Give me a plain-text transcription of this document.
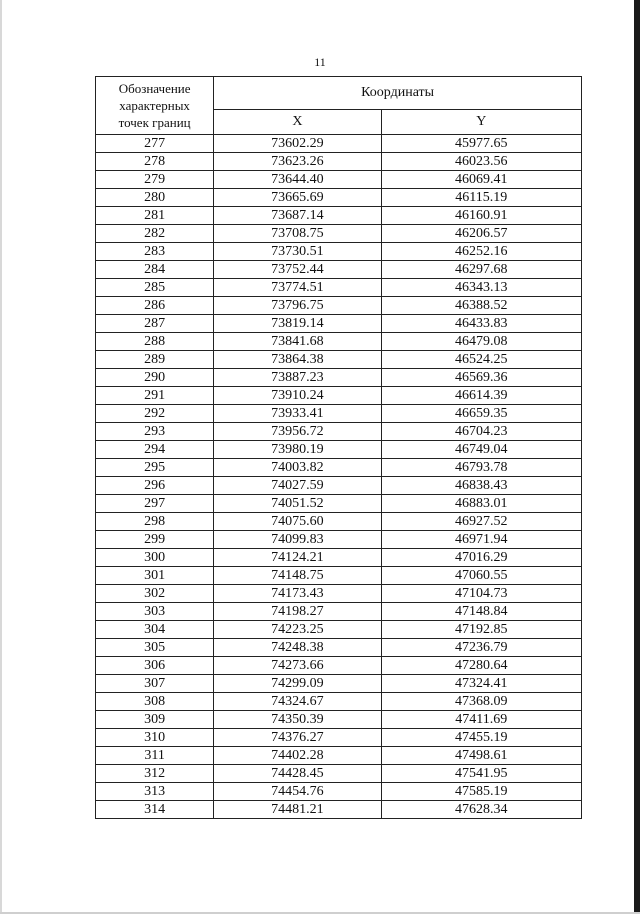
11
Обозначение
характерных
точек границ	Координаты	
	X	Y
277	73602.29	45977.65
278	73623.26	46023.56
279	73644.40	46069.41
280	73665.69	46115.19
281	73687.14	46160.91
282	73708.75	46206.57
283	73730.51	46252.16
284	73752.44	46297.68
285	73774.51	46343.13
286	73796.75	46388.52
287	73819.14	46433.83
288	73841.68	46479.08
289	73864.38	46524.25
290	73887.23	46569.36
291	73910.24	46614.39
292	73933.41	46659.35
293	73956.72	46704.23
294	73980.19	46749.04
295	74003.82	46793.78
296	74027.59	46838.43
297	74051.52	46883.01
298	74075.60	46927.52
299	74099.83	46971.94
300	74124.21	47016.29
301	74148.75	47060.55
302	74173.43	47104.73
303	74198.27	47148.84
304	74223.25	47192.85
305	74248.38	47236.79
306	74273.66	47280.64
307	74299.09	47324.41
308	74324.67	47368.09
309	74350.39	47411.69
310	74376.27	47455.19
311	74402.28	47498.61
312	74428.45	47541.95
313	74454.76	47585.19
314	74481.21	47628.34
